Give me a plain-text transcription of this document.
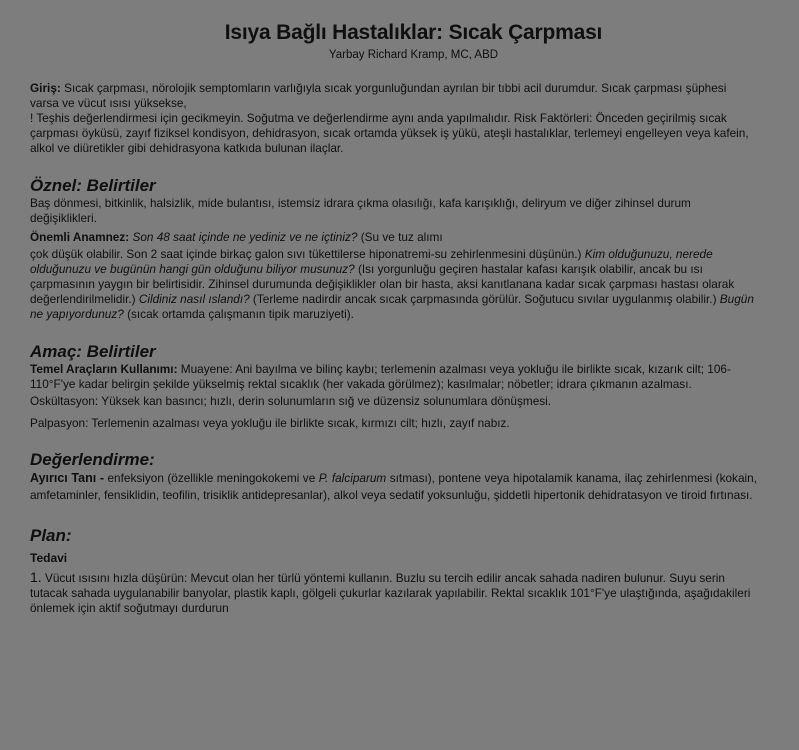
Isıya Bağlı Hastalıklar: Sıcak Çarpması
Yarbay Richard Kramp, MC, ABD

Giriş: Sıcak çarpması, nörolojik semptomların varlığıyla sıcak yorgunluğundan ayrılan bir tıbbi acil durumdur. Sıcak çarpması şüphesi varsa ve vücut ısısı yüksekse,

! Teşhis değerlendirmesi için gecikmeyin. Soğutma ve değerlendirme aynı anda yapılmalıdır. Risk Faktörleri: Önceden geçirilmiş sıcak çarpması öyküsü, zayıf fiziksel kondisyon, dehidrasyon, sıcak ortamda yüksek iş yükü, ateşli hastalıklar, terlemeyi engelleyen veya kafein, alkol ve diüretikler gibi dehidrasyona katkıda bulunan ilaçlar.

Öznel: Belirtiler

Baş dönmesi, bitkinlik, halsizlik, mide bulantısı, istemsiz idrara çıkma olasılığı, kafa karışıklığı, deliryum ve diğer zihinsel durum değişiklikleri.

Önemli Anamnez: Son 48 saat içinde ne yediniz ve ne içtiniz? (Su ve tuz alımı

çok düşük olabilir. Son 2 saat içinde birkaç galon sıvı tükettilerse hiponatremi-su zehirlenmesini düşünün.) Kim olduğunuzu, nerede olduğunuzu ve bugünün hangi gün olduğunu biliyor musunuz? (Isı yorgunluğu geçiren hastalar kafası karışık olabilir, ancak bu ısı çarpmasının yaygın bir belirtisidir. Zihinsel durumunda değişiklikler olan bir hasta, aksi kanıtlanana kadar sıcak çarpması hastası olarak değerlendirilmelidir.) Cildiniz nasıl ıslandı? (Terleme nadirdir ancak sıcak çarpmasında görülür. Soğutucu sıvılar uygulanmış olabilir.) Bugün ne yapıyordunuz? (sıcak ortamda çalışmanın tipik maruziyeti).

Amaç: Belirtiler

Temel Araçların Kullanımı: Muayene: Ani bayılma ve bilinç kaybı; terlemenin azalması veya yokluğu ile birlikte sıcak, kızarık cilt; 106-110°F'ye kadar belirgin şekilde yükselmiş rektal sıcaklık (her vakada görülmez); kasılmalar; nöbetler; idrara çıkmanın azalması.

Oskültasyon: Yüksek kan basıncı; hızlı, derin solunumların sığ ve düzensiz solunumlara dönüşmesi.

Palpasyon: Terlemenin azalması veya yokluğu ile birlikte sıcak, kırmızı cilt; hızlı, zayıf nabız.

Değerlendirme:
Ayırıcı Tanı - enfeksiyon (özellikle meningokokemi ve P. falciparum sıtması), pontene veya hipotalamik kanama, ilaç zehirlenmesi (kokain, amfetaminler, fensiklidin, teofilin, trisiklik antidepresanlar), alkol veya sedatif yoksunluğu, şiddetli hipertonik dehidratasyon ve tiroid fırtınası.
Plan:
Tedavi

1. Vücut ısısını hızla düşürün: Mevcut olan her türlü yöntemi kullanın. Buzlu su tercih edilir ancak sahada nadiren bulunur. Suyu serin tutacak sahada uygulanabilir banyolar, plastik kaplı, gölgeli çukurlar kazılarak yapılabilir. Rektal sıcaklık 101°F'ye ulaştığında, aşağıdakileri önlemek için aktif soğutmayı durdurun
